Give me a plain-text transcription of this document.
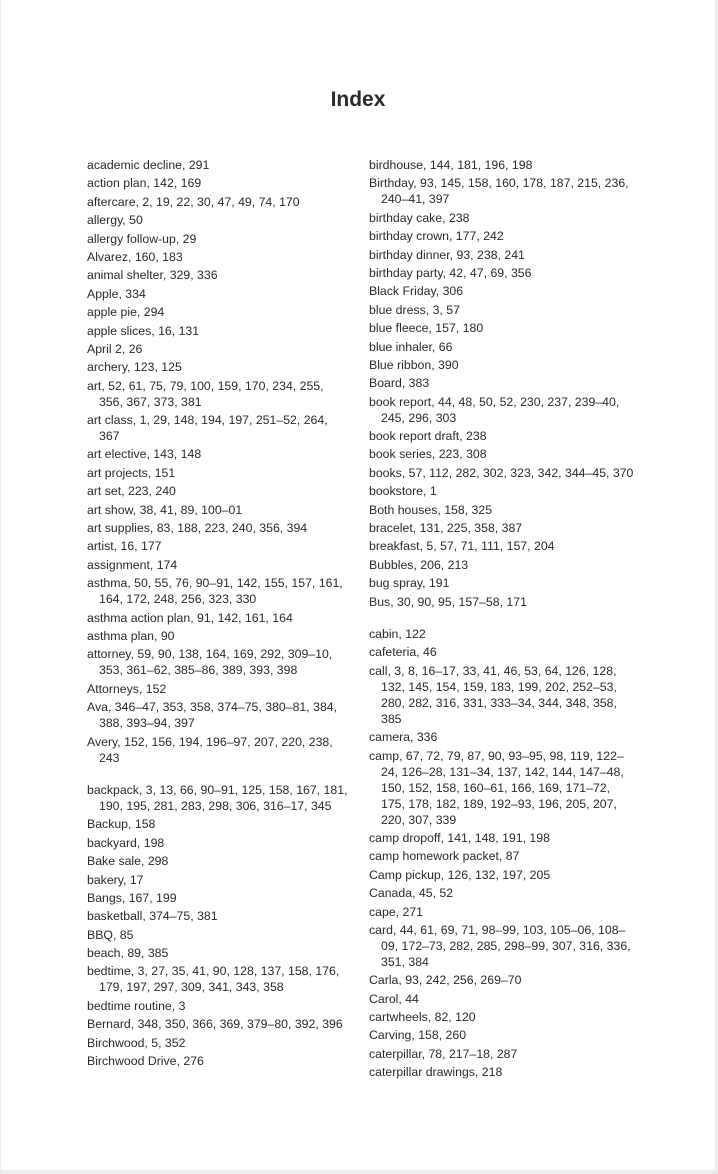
Index
academic decline, 291
action plan, 142, 169
aftercare, 2, 19, 22, 30, 47, 49, 74, 170
allergy, 50
allergy follow-up, 29
Alvarez, 160, 183
animal shelter, 329, 336
Apple, 334
apple pie, 294
apple slices, 16, 131
April 2, 26
archery, 123, 125
art, 52, 61, 75, 79, 100, 159, 170, 234, 255, 356, 367, 373, 381
art class, 1, 29, 148, 194, 197, 251–52, 264, 367
art elective, 143, 148
art projects, 151
art set, 223, 240
art show, 38, 41, 89, 100–01
art supplies, 83, 188, 223, 240, 356, 394
artist, 16, 177
assignment, 174
asthma, 50, 55, 76, 90–91, 142, 155, 157, 161, 164, 172, 248, 256, 323, 330
asthma action plan, 91, 142, 161, 164
asthma plan, 90
attorney, 59, 90, 138, 164, 169, 292, 309–10, 353, 361–62, 385–86, 389, 393, 398
Attorneys, 152
Ava, 346–47, 353, 358, 374–75, 380–81, 384, 388, 393–94, 397
Avery, 152, 156, 194, 196–97, 207, 220, 238, 243
backpack, 3, 13, 66, 90–91, 125, 158, 167, 181, 190, 195, 281, 283, 298, 306, 316–17, 345
Backup, 158
backyard, 198
Bake sale, 298
bakery, 17
Bangs, 167, 199
basketball, 374–75, 381
BBQ, 85
beach, 89, 385
bedtime, 3, 27, 35, 41, 90, 128, 137, 158, 176, 179, 197, 297, 309, 341, 343, 358
bedtime routine, 3
Bernard, 348, 350, 366, 369, 379–80, 392, 396
Birchwood, 5, 352
Birchwood Drive, 276
birdhouse, 144, 181, 196, 198
Birthday, 93, 145, 158, 160, 178, 187, 215, 236, 240–41, 397
birthday cake, 238
birthday crown, 177, 242
birthday dinner, 93, 238, 241
birthday party, 42, 47, 69, 356
Black Friday, 306
blue dress, 3, 57
blue fleece, 157, 180
blue inhaler, 66
Blue ribbon, 390
Board, 383
book report, 44, 48, 50, 52, 230, 237, 239–40, 245, 296, 303
book report draft, 238
book series, 223, 308
books, 57, 112, 282, 302, 323, 342, 344–45, 370
bookstore, 1
Both houses, 158, 325
bracelet, 131, 225, 358, 387
breakfast, 5, 57, 71, 111, 157, 204
Bubbles, 206, 213
bug spray, 191
Bus, 30, 90, 95, 157–58, 171
cabin, 122
cafeteria, 46
call, 3, 8, 16–17, 33, 41, 46, 53, 64, 126, 128, 132, 145, 154, 159, 183, 199, 202, 252–53, 280, 282, 316, 331, 333–34, 344, 348, 358, 385
camera, 336
camp, 67, 72, 79, 87, 90, 93–95, 98, 119, 122–24, 126–28, 131–34, 137, 142, 144, 147–48, 150, 152, 158, 160–61, 166, 169, 171–72, 175, 178, 182, 189, 192–93, 196, 205, 207, 220, 307, 339
camp dropoff, 141, 148, 191, 198
camp homework packet, 87
Camp pickup, 126, 132, 197, 205
Canada, 45, 52
cape, 271
card, 44, 61, 69, 71, 98–99, 103, 105–06, 108–09, 172–73, 282, 285, 298–99, 307, 316, 336, 351, 384
Carla, 93, 242, 256, 269–70
Carol, 44
cartwheels, 82, 120
Carving, 158, 260
caterpillar, 78, 217–18, 287
caterpillar drawings, 218
